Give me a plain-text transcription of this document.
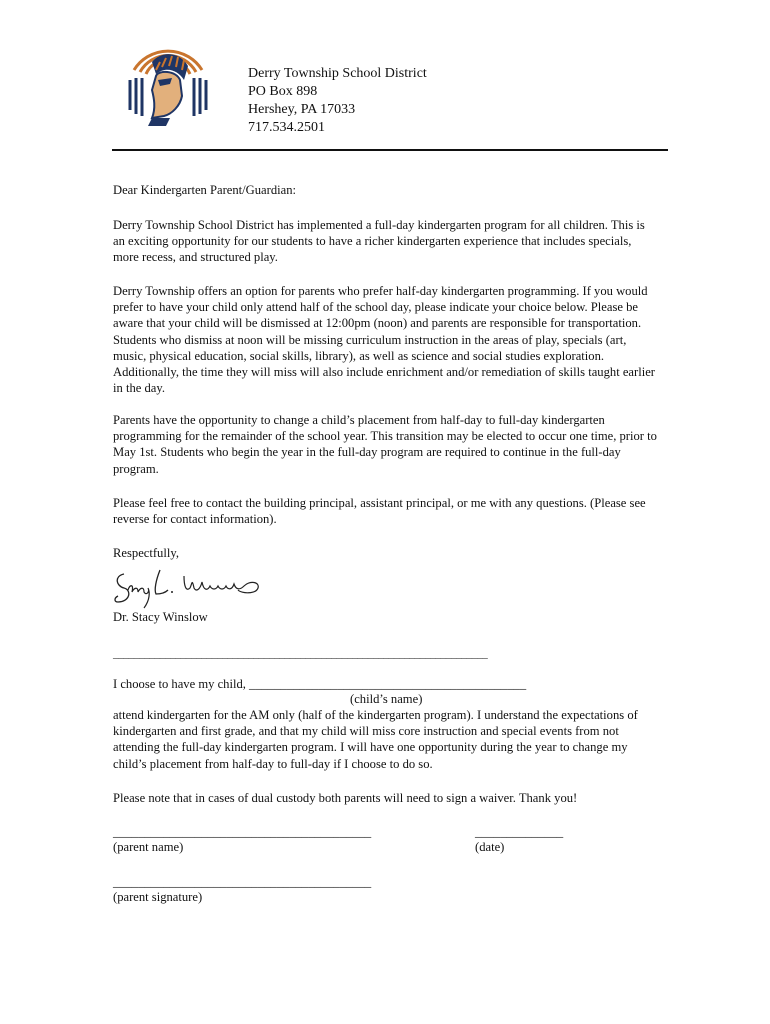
Derry Township School District
PO Box 898
Hershey, PA 17033
717.534.2501

Dear Kindergarten Parent/Guardian:

Derry Township School District has implemented a full-day kindergarten program for all children. This is an exciting opportunity for our students to have a richer kindergarten experience that includes specials, more recess, and structured play.

Derry Township offers an option for parents who prefer half-day kindergarten programming. If you would prefer to have your child only attend half of the school day, please indicate your choice below. Please be aware that your child will be dismissed at 12:00pm (noon) and parents are responsible for transportation. Students who dismiss at noon will be missing curriculum instruction in the areas of play, specials (art, music, physical education, social skills, library), as well as science and social studies exploration. Additionally, the time they will miss will also include enrichment and/or remediation of skills taught earlier in the day.

Parents have the opportunity to change a child’s placement from half-day to full-day kindergarten programming for the remainder of the school year. This transition may be elected to occur one time, prior to May 1st. Students who begin the year in the full-day program are required to continue in the full-day program.

Please feel free to contact the building principal, assistant principal, or me with any questions. (Please see reverse for contact information).

Respectfully,

Dr. Stacy Winslow

________________________________________________________________________
I choose to have my child, ____________________________________________
(child’s name)

attend kindergarten for the AM only (half of the kindergarten program). I understand the expectations of kindergarten and first grade, and that my child will miss core instruction and special events from not attending the full-day kindergarten program. I will have one opportunity during the year to change my child’s placement from half-day to full-day if I choose to do so.

Please note that in cases of dual custody both parents will need to sign a waiver. Thank you!

_________________________________________
(parent name)
______________
(date)
_________________________________________
(parent signature)
